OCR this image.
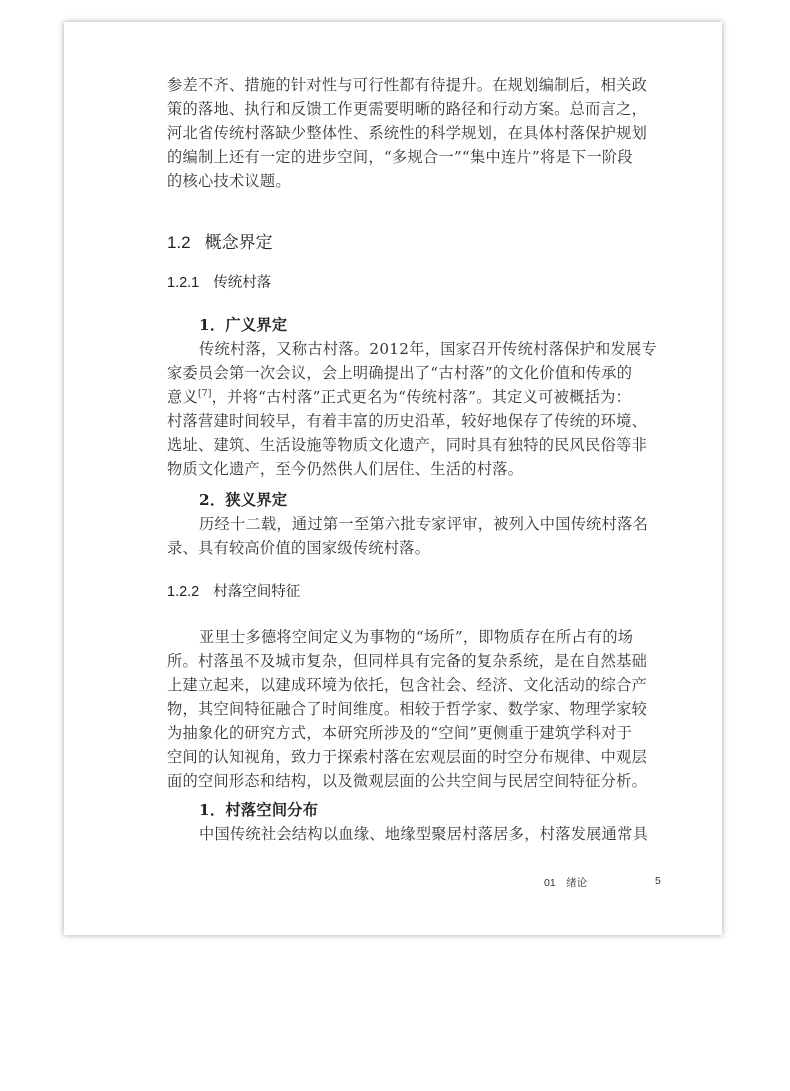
参差不齐、措施的针对性与可行性都有待提升。在规划编制后，相关政
策的落地、执行和反馈工作更需要明晰的路径和行动方案。总而言之，
河北省传统村落缺少整体性、系统性的科学规划，在具体村落保护规划
的编制上还有一定的进步空间，“多规合一”“集中连片”将是下一阶段
的核心技术议题。
1.2 概念界定
1.2.1 传统村落
1．广义界定
传统村落，又称古村落。2012年，国家召开传统村落保护和发展专
家委员会第一次会议，会上明确提出了“古村落”的文化价值和传承的
意义[7]，并将“古村落”正式更名为“传统村落”。其定义可被概括为：
村落营建时间较早，有着丰富的历史沿革，较好地保存了传统的环境、
选址、建筑、生活设施等物质文化遗产，同时具有独特的民风民俗等非
物质文化遗产，至今仍然供人们居住、生活的村落。
2．狭义界定
历经十二载，通过第一至第六批专家评审，被列入中国传统村落名
录、具有较高价值的国家级传统村落。
1.2.2 村落空间特征
亚里士多德将空间定义为事物的“场所”，即物质存在所占有的场
所。村落虽不及城市复杂，但同样具有完备的复杂系统，是在自然基础
上建立起来，以建成环境为依托，包含社会、经济、文化活动的综合产
物，其空间特征融合了时间维度。相较于哲学家、数学家、物理学家较
为抽象化的研究方式，本研究所涉及的“空间”更侧重于建筑学科对于
空间的认知视角，致力于探索村落在宏观层面的时空分布规律、中观层
面的空间形态和结构，以及微观层面的公共空间与民居空间特征分析。
1．村落空间分布
中国传统社会结构以血缘、地缘型聚居村落居多，村落发展通常具
01　绪论	5
